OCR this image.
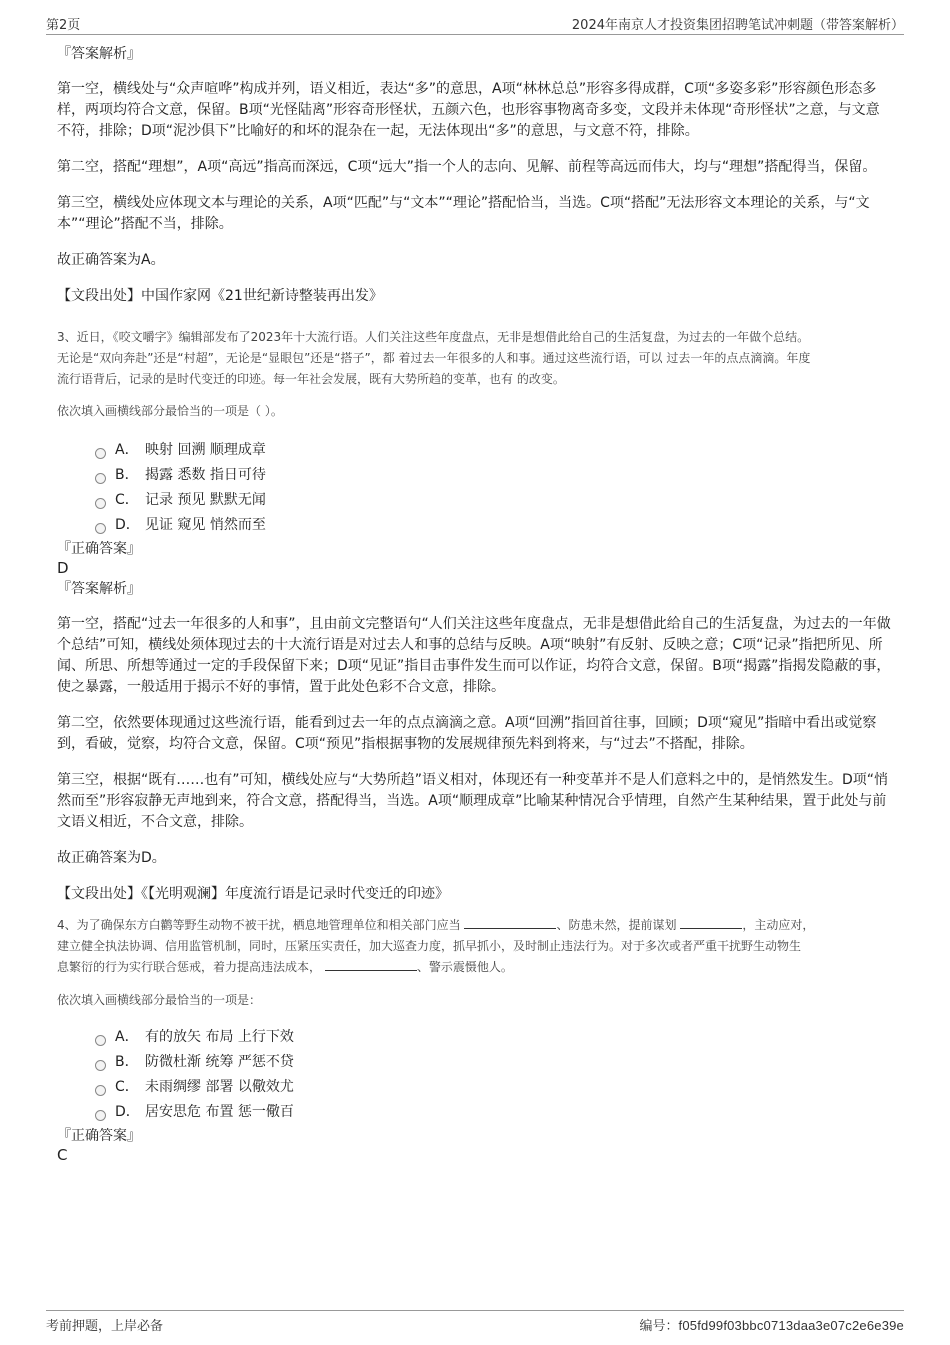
第2页	2024年南京人才投资集团招聘笔试冲刺题（带答案解析）

『答案解析』

第一空，横线处与“众声喧哗”构成并列，语义相近，表达“多”的意思，A项“林林总总”形容多得成群，C项“多姿多彩”形容颜色形态多样，两项均符合文意，保留。B项“光怪陆离”形容奇形怪状，五颜六色，也形容事物离奇多变，文段并未体现“奇形怪状”之意，与文意不符，排除；D项“泥沙俱下”比喻好的和坏的混杂在一起，无法体现出“多”的意思，与文意不符，排除。

第二空，搭配“理想”，A项“高远”指高而深远，C项“远大”指一个人的志向、见解、前程等高远而伟大，均与“理想”搭配得当，保留。

第三空，横线处应体现文本与理论的关系，A项“匹配”与“文本”“理论”搭配恰当，当选。C项“搭配”无法形容文本理论的关系，与“文本”“理论”搭配不当，排除。

故正确答案为A。

【文段出处】中国作家网《21世纪新诗整装再出发》

3、近日，《咬文嚼字》编辑部发布了2023年十大流行语。人们关注这些年度盘点，无非是想借此给自己的生活复盘，为过去的一年做个总结。

无论是“双向奔赴”还是“村超”，无论是“显眼包”还是“搭子”，都 着过去一年很多的人和事。通过这些流行语，可以 过去一年的点点滴滴。年度

流行语背后，记录的是时代变迁的印迹。每一年社会发展，既有大势所趋的变革，也有 的改变。

依次填入画横线部分最恰当的一项是（ ）。

A． 映射 回溯 顺理成章
B． 揭露 悉数 指日可待
C． 记录 预见 默默无闻
D． 见证 窥见 悄然而至

『正确答案』

D

『答案解析』

第一空，搭配“过去一年很多的人和事”，且由前文完整语句“人们关注这些年度盘点，无非是想借此给自己的生活复盘，为过去的一年做个总结”可知，横线处须体现过去的十大流行语是对过去人和事的总结与反映。A项“映射”有反射、反映之意；C项“记录”指把所见、所闻、所思、所想等通过一定的手段保留下来；D项“见证”指目击事件发生而可以作证，均符合文意，保留。B项“揭露”指揭发隐蔽的事，使之暴露，一般适用于揭示不好的事情，置于此处色彩不合文意，排除。

第二空，依然要体现通过这些流行语，能看到过去一年的点点滴滴之意。A项“回溯”指回首往事，回顾；D项“窥见”指暗中看出或觉察到，看破，觉察，均符合文意，保留。C项“预见”指根据事物的发展规律预先料到将来，与“过去”不搭配，排除。

第三空，根据“既有……也有”可知，横线处应与“大势所趋”语义相对，体现还有一种变革并不是人们意料之中的，是悄然发生。D项“悄然而至”形容寂静无声地到来，符合文意，搭配得当，当选。A项“顺理成章”比喻某种情况合乎情理，自然产生某种结果，置于此处与前文语义相近，不合文意，排除。

故正确答案为D。

【文段出处】《【光明观澜】年度流行语是记录时代变迁的印迹》

4、为了确保东方白鹳等野生动物不被干扰，栖息地管理单位和相关部门应当	、防患未然，提前谋划	，主动应对，

建立健全执法协调、信用监管机制，同时，压紧压实责任，加大巡查力度，抓早抓小，及时制止违法行为。对于多次或者严重干扰野生动物生

息繁衍的行为实行联合惩戒，着力提高违法成本，	、警示震慑他人。

依次填入画横线部分最恰当的一项是：

A． 有的放矢 布局 上行下效
B． 防微杜渐 统筹 严惩不贷
C． 未雨绸缪 部署 以儆效尤
D． 居安思危 布置 惩一儆百

『正确答案』

C

考前押题，上岸必备	编号：f05fd99f03bbc0713daa3e07c2e6e39e
